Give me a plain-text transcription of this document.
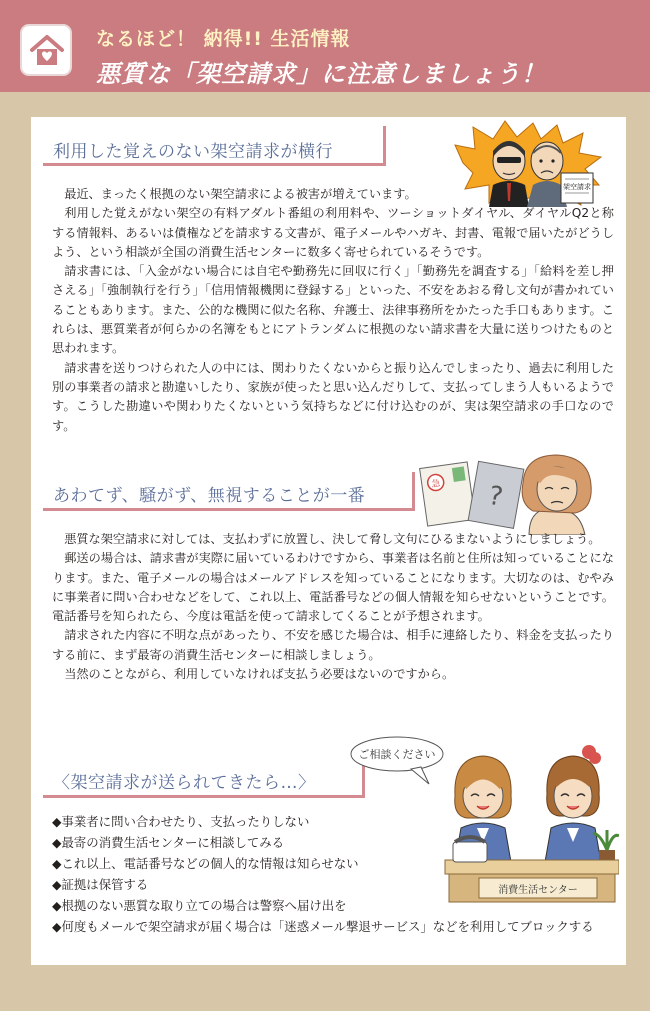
なるほど！ 納得!! 生活情報
悪質な「架空請求」に注意しましょう！
利用した覚えのない架空請求が横行
架空請求

最近、まったく根拠のない架空請求による被害が増えています。

利用した覚えがない架空の有料アダルト番組の利用料や、ツーショットダイヤル、ダイヤルQ2と称する情報料、あるいは債権などを請求する文書が、電子メールやハガキ、封書、電報で届いたがどうしよう、という相談が全国の消費生活センターに数多く寄せられているそうです。

請求書には、「入金がない場合には自宅や勤務先に回収に行く」「勤務先を調査する」「給料を差し押さえる」「強制執行を行う」「信用情報機関に登録する」といった、不安をあおる脅し文句が書かれていることもあります。また、公的な機関に似た名称、弁護士、法律事務所をかたった手口もあります。これらは、悪質業者が何らかの名簿をもとにアトランダムに根拠のない請求書を大量に送りつけたものと思われます。

請求書を送りつけられた人の中には、関わりたくないからと振り込んでしまったり、過去に利用した別の事業者の請求と勘違いしたり、家族が使ったと思い込んだりして、支払ってしまう人もいるようです。こうした勘違いや関わりたくないという気持ちなどに付け込むのが、実は架空請求の手口なのです。

あわてず、騒がず、無視することが一番
急 ?

悪質な架空請求に対しては、支払わずに放置し、決して脅し文句にひるまないようにしましょう。

郵送の場合は、請求書が実際に届いているわけですから、事業者は名前と住所は知っていることになります。また、電子メールの場合はメールアドレスを知っていることになります。大切なのは、むやみに事業者に問い合わせなどをして、これ以上、電話番号などの個人情報を知らせないということです。電話番号を知られたら、今度は電話を使って請求してくることが予想されます。

請求された内容に不明な点があったり、不安を感じた場合は、相手に連絡したり、料金を支払ったりする前に、まず最寄の消費生活センターに相談しましょう。

当然のことながら、利用していなければ支払う必要はないのですから。

〈架空請求が送られてきたら…〉
ご相談ください
消費生活センター
◆事業者に問い合わせたり、支払ったりしない
◆最寄の消費生活センターに相談してみる
◆これ以上、電話番号などの個人的な情報は知らせない
◆証拠は保管する
◆根拠のない悪質な取り立ての場合は警察へ届け出を
◆何度もメールで架空請求が届く場合は「迷惑メール撃退サービス」などを利用してブロックする
